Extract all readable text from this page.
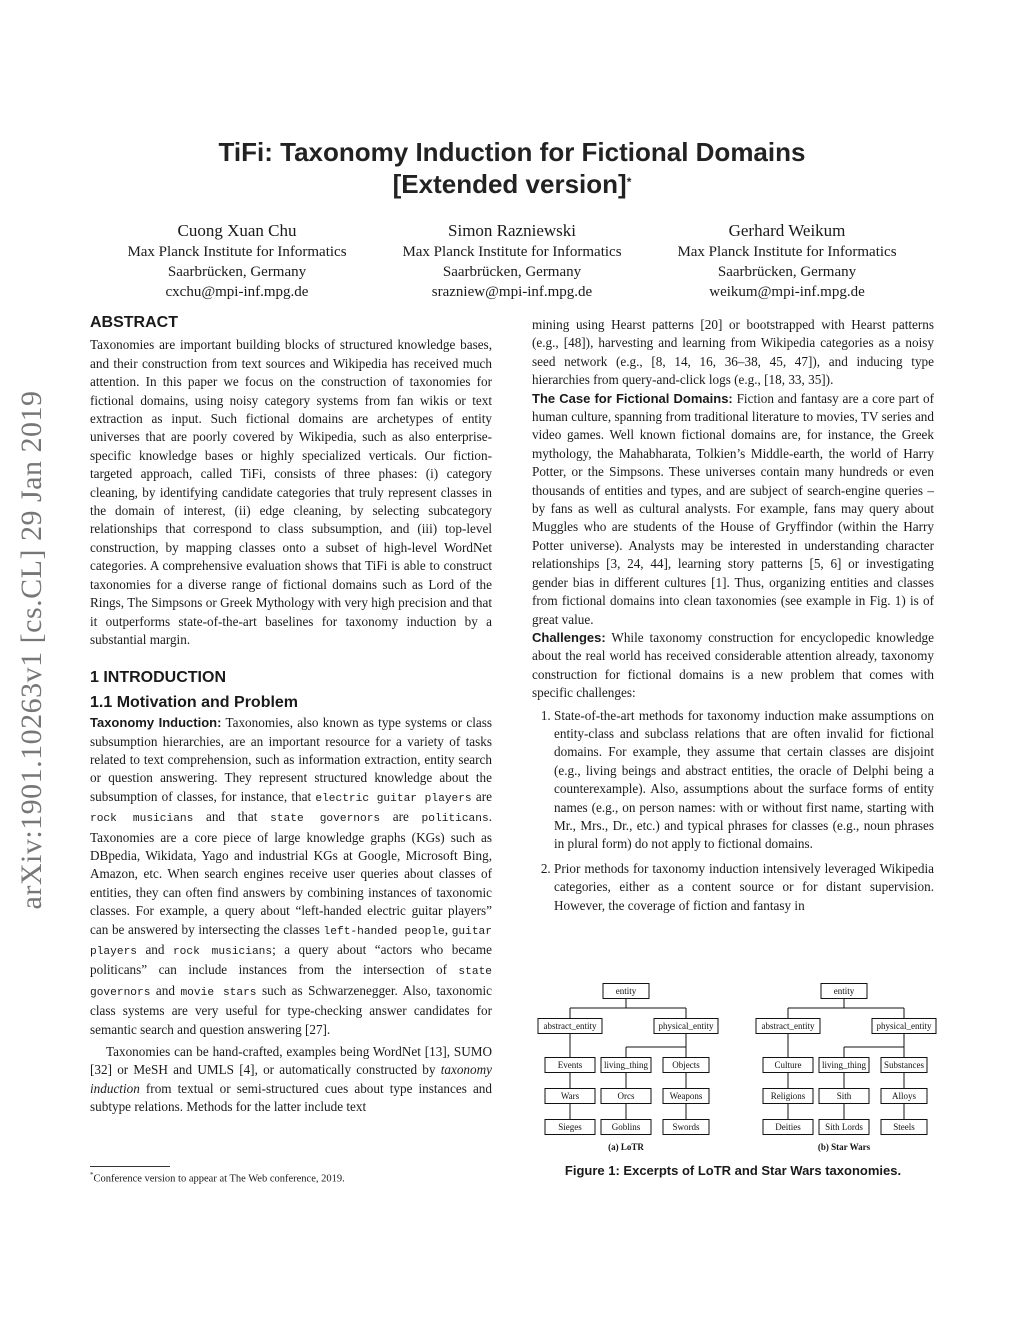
TiFi: Taxonomy Induction for Fictional Domains
[Extended version]*
Cuong Xuan Chu
Max Planck Institute for Informatics
Saarbrücken, Germany
cxchu@mpi-inf.mpg.de
Simon Razniewski
Max Planck Institute for Informatics
Saarbrücken, Germany
srazniew@mpi-inf.mpg.de
Gerhard Weikum
Max Planck Institute for Informatics
Saarbrücken, Germany
weikum@mpi-inf.mpg.de
arXiv:1901.10263v1 [cs.CL] 29 Jan 2019
ABSTRACT

Taxonomies are important building blocks of structured knowledge bases, and their construction from text sources and Wikipedia has received much attention. In this paper we focus on the construction of taxonomies for fictional domains, using noisy category systems from fan wikis or text extraction as input. Such fictional domains are archetypes of entity universes that are poorly covered by Wikipedia, such as also enterprise-specific knowledge bases or highly specialized verticals. Our fiction-targeted approach, called TiFi, consists of three phases: (i) category cleaning, by identifying candidate categories that truly represent classes in the domain of interest, (ii) edge cleaning, by selecting subcategory relationships that correspond to class subsumption, and (iii) top-level construction, by mapping classes onto a subset of high-level WordNet categories. A comprehensive evaluation shows that TiFi is able to construct taxonomies for a diverse range of fictional domains such as Lord of the Rings, The Simpsons or Greek Mythology with very high precision and that it outperforms state-of-the-art baselines for taxonomy induction by a substantial margin.

1 INTRODUCTION
1.1 Motivation and Problem

Taxonomy Induction: Taxonomies, also known as type systems or class subsumption hierarchies, are an important resource for a variety of tasks related to text comprehension, such as information extraction, entity search or question answering. They represent structured knowledge about the subsumption of classes, for instance, that electric guitar players are rock musicians and that state governors are politicans. Taxonomies are a core piece of large knowledge graphs (KGs) such as DBpedia, Wikidata, Yago and industrial KGs at Google, Microsoft Bing, Amazon, etc. When search engines receive user queries about classes of entities, they can often find answers by combining instances of taxonomic classes. For example, a query about “left-handed electric guitar players” can be answered by intersecting the classes left-handed people, guitar players and rock musicians; a query about “actors who became politicans” can include instances from the intersection of state governors and movie stars such as Schwarzenegger. Also, taxonomic class systems are very useful for type-checking answer candidates for semantic search and question answering [27].

Taxonomies can be hand-crafted, examples being WordNet [13], SUMO [32] or MeSH and UMLS [4], or automatically constructed by taxonomy induction from textual or semi-structured cues about type instances and subtype relations. Methods for the latter include text

*Conference version to appear at The Web conference, 2019.

mining using Hearst patterns [20] or bootstrapped with Hearst patterns (e.g., [48]), harvesting and learning from Wikipedia categories as a noisy seed network (e.g., [8, 14, 16, 36–38, 45, 47]), and inducing type hierarchies from query-and-click logs (e.g., [18, 33, 35]).

The Case for Fictional Domains: Fiction and fantasy are a core part of human culture, spanning from traditional literature to movies, TV series and video games. Well known fictional domains are, for instance, the Greek mythology, the Mahabharata, Tolkien’s Middle-earth, the world of Harry Potter, or the Simpsons. These universes contain many hundreds or even thousands of entities and types, and are subject of search-engine queries – by fans as well as cultural analysts. For example, fans may query about Muggles who are students of the House of Gryffindor (within the Harry Potter universe). Analysts may be interested in understanding character relationships [3, 24, 44], learning story patterns [5, 6] or investigating gender bias in different cultures [1]. Thus, organizing entities and classes from fictional domains into clean taxonomies (see example in Fig. 1) is of great value.

Challenges: While taxonomy construction for encyclopedic knowledge about the real world has received considerable attention already, taxonomy construction for fictional domains is a new problem that comes with specific challenges:

1. State-of-the-art methods for taxonomy induction make assumptions on entity-class and subclass relations that are often invalid for fictional domains. For example, they assume that certain classes are disjoint (e.g., living beings and abstract entities, the oracle of Delphi being a counterexample). Also, assumptions about the surface forms of entity names (e.g., on person names: with or without first name, starting with Mr., Mrs., Dr., etc.) and typical phrases for classes (e.g., noun phrases in plural form) do not apply to fictional domains.
2. Prior methods for taxonomy induction intensively leveraged Wikipedia categories, either as a content source or for distant supervision. However, the coverage of fiction and fantasy in
entity
abstract_entity	physical_entity
Events living_thing	Objects
Wars	Orcs	Weapons
Sieges	Goblins	Swords
(a) LoTR
entity
abstract_entity	physical_entity
Culture living_thing Substances
Religions	Sith	Alloys
Deities	Sith Lords	Steels
(b) Star Wars
Figure 1: Excerpts of LoTR and Star Wars taxonomies.
